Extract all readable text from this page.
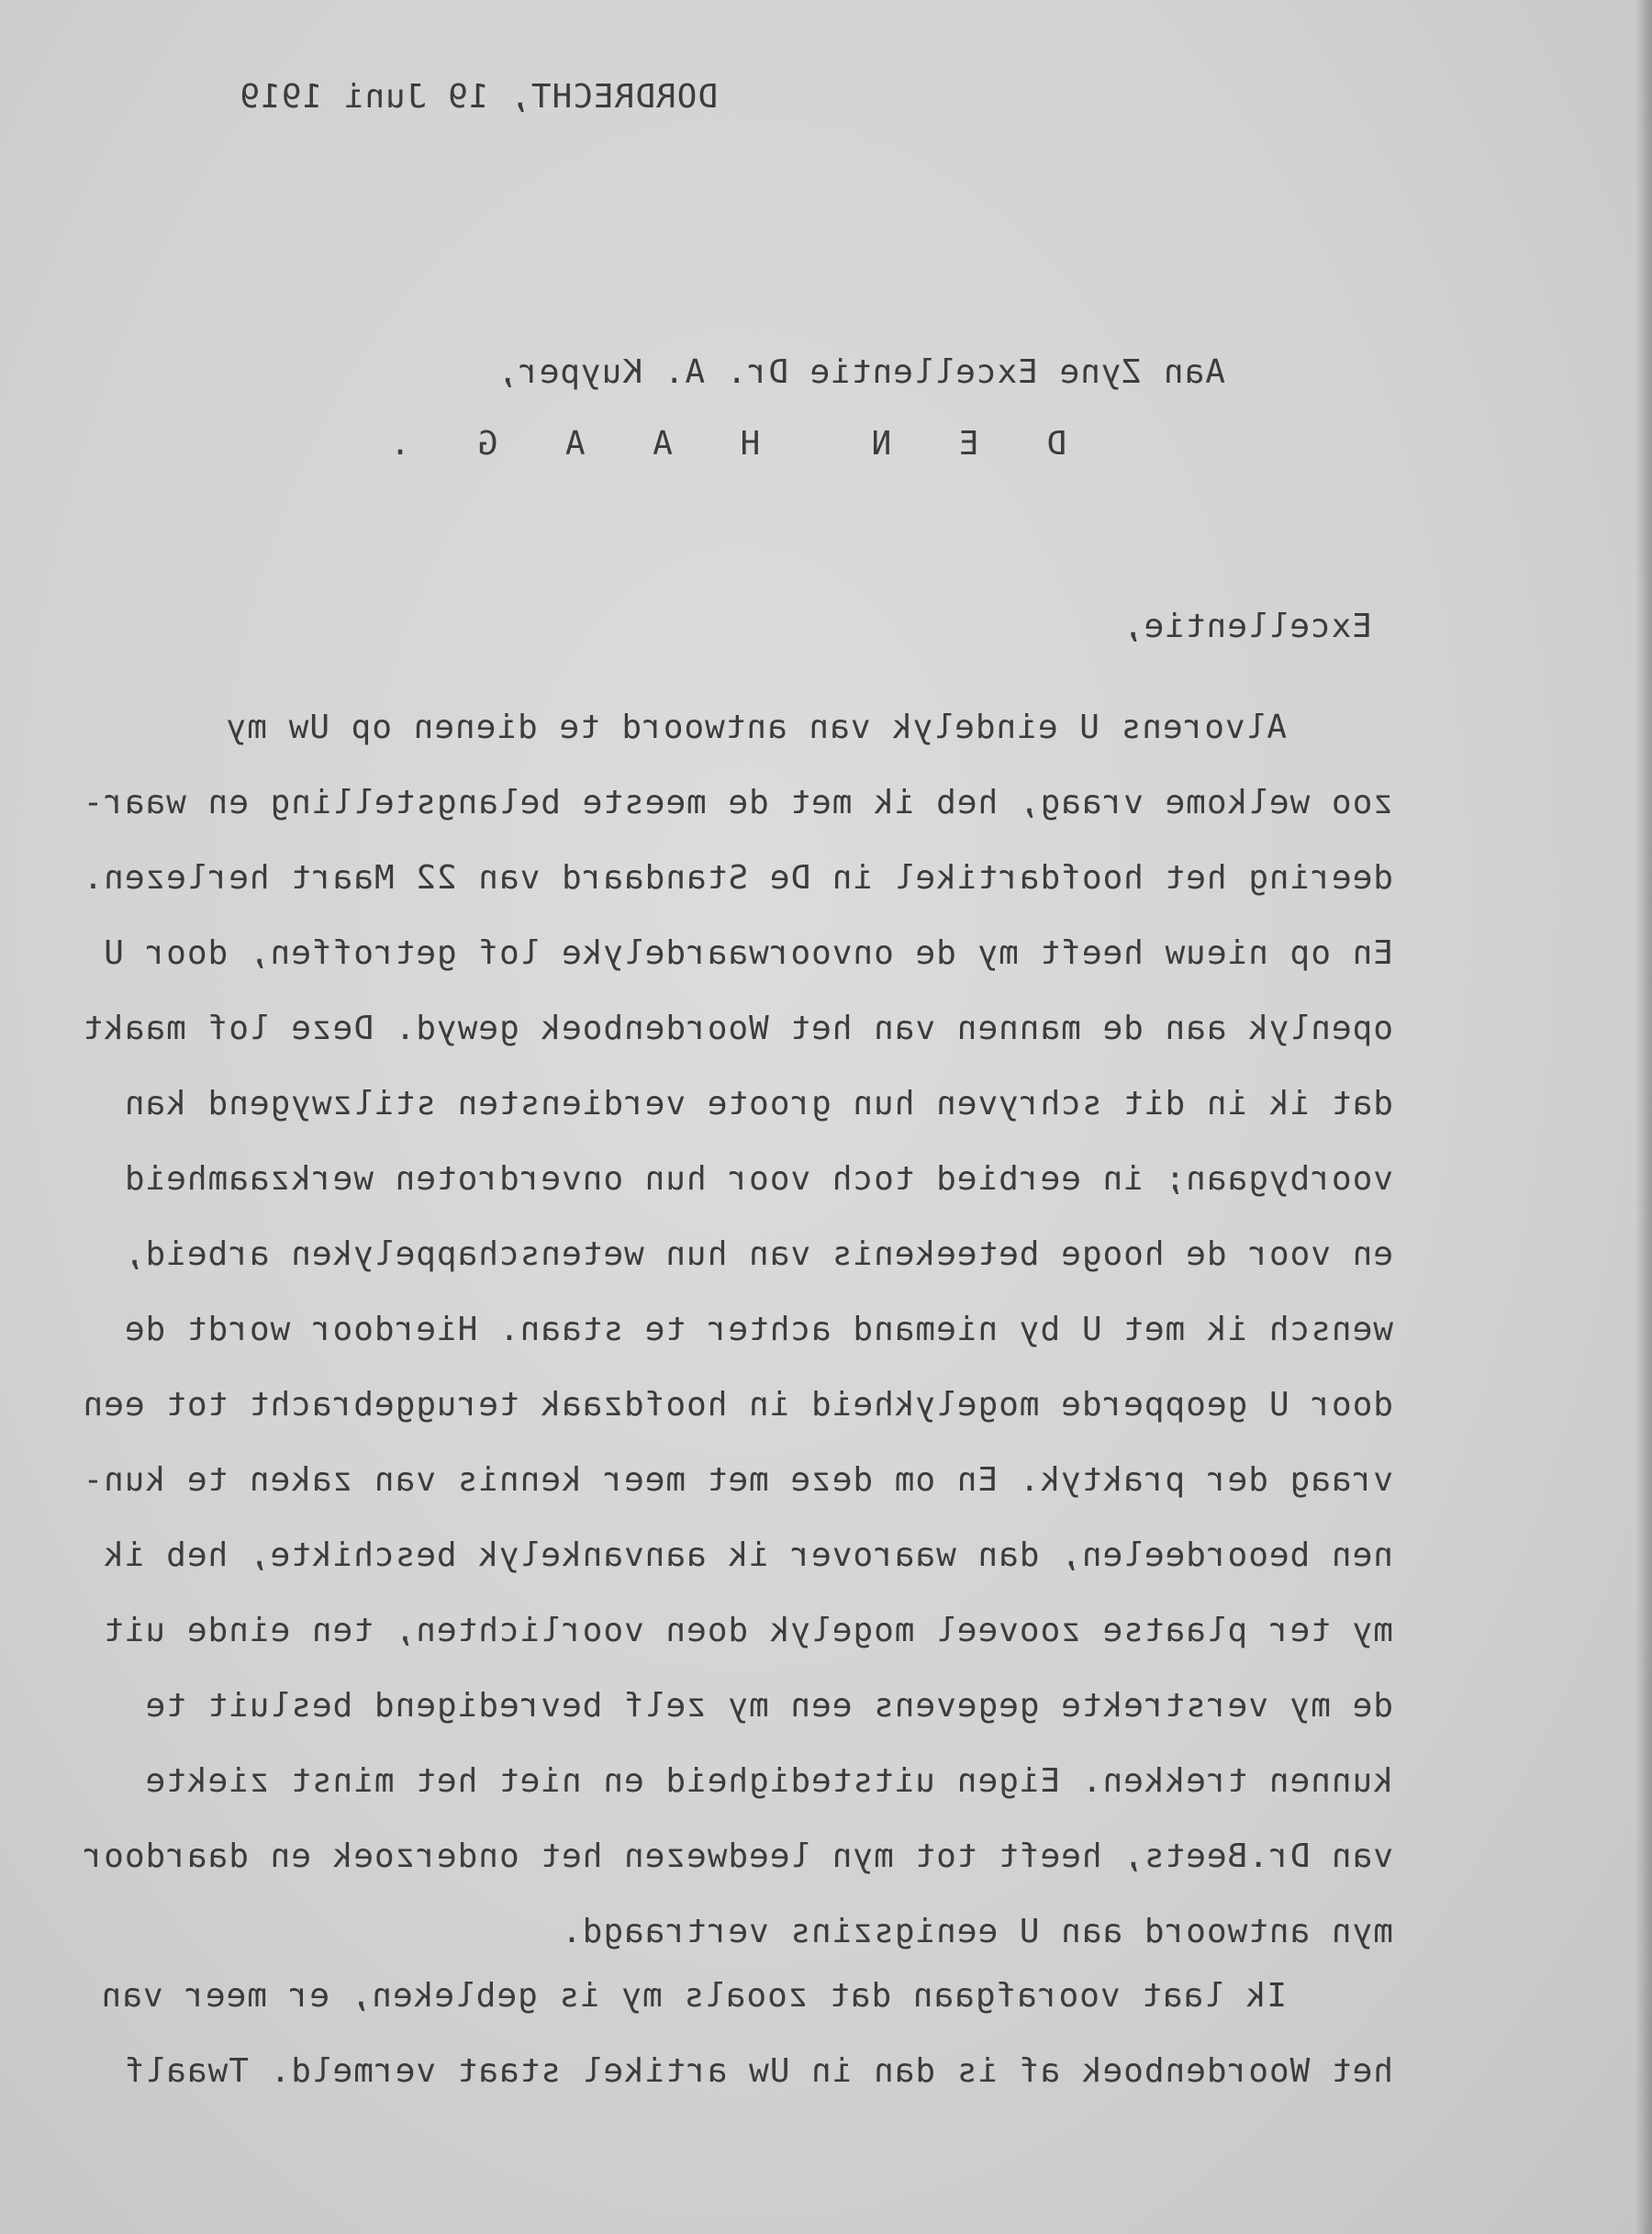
DORDRECHT, 19 Juni 1919
Aan Zyne Excellentie Dr. A. Kuyper,
D E N  H A A G .
Excellentie,
Alvorens U eindelyk van antwoord te dienen op Uw my
zoo welkome vraag, heb ik met de meeste belangstelling en waar-
deering het hoofdartikel in De Standaard van 22 Maart herlezen.
En op nieuw heeft my de onvoorwaardelyke lof getroffen, door U
openlyk aan de mannen van het Woordenboek gewyd. Deze lof maakt
dat ik in dit schryven hun groote verdiensten stilzwygend kan
voorbygaan; in eerbied toch voor hun onverdroten werkzaamheid
en voor de hooge beteekenis van hun wetenschappelyken arbeid,
wensch ik met U by niemand achter te staan. Hierdoor wordt de
door U geopperde mogelykheid in hoofdzaak teruggebracht tot een
vraag der praktyk. En om deze met meer kennis van zaken te kun-
nen beoordeelen, dan waarover ik aanvankelyk beschikte, heb ik
my ter plaatse zooveel mogelyk doen voorlichten, ten einde uit
de my verstrekte gegevens een my zelf bevredigend besluit te
kunnen trekken. Eigen uitstedigheid en niet het minst ziekte
van Dr.Beets, heeft tot myn leedwezen het onderzoek en daardoor
myn antwoord aan U eenigszins vertraagd.
Ik laat voorafgaan dat zooals my is gebleken, er meer van
het Woordenboek af is dan in Uw artikel staat vermeld. Twaalf
